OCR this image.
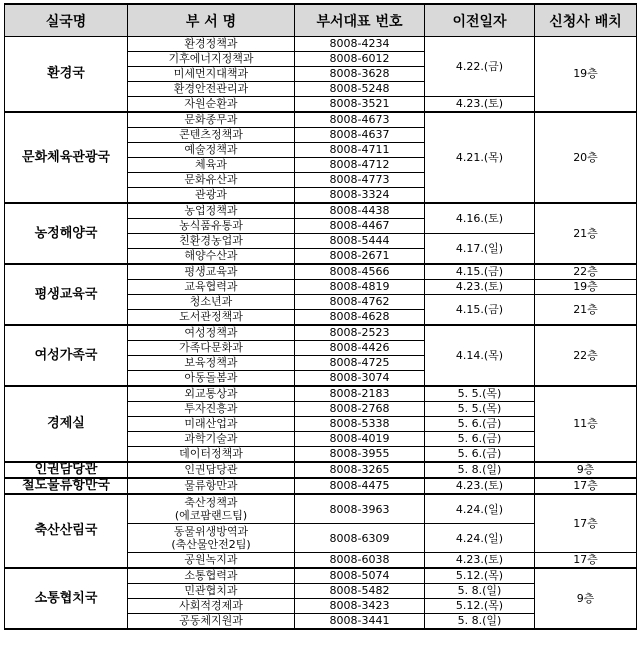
실국명	부 서 명	부서대표 번호	이전일자	신청사 배치
환경국	환경정책과	8008-4234	4.22.(금)	19층
	기후에너지정책과	8008-6012		
	미세먼지대책과	8008-3628		
	환경안전관리과	8008-5248		
	자원순환과	8008-3521	4.23.(토)	
문화체육관광국	문화종무과	8008-4673	4.21.(목)	20층
	콘텐츠정책과	8008-4637		
	예술정책과	8008-4711		
	체육과	8008-4712		
	문화유산과	8008-4773		
	관광과	8008-3324		
농정해양국	농업정책과	8008-4438	4.16.(토)	21층
	농식품유통과	8008-4467		
	친환경농업과	8008-5444	4.17.(일)	
	해양수산과	8008-2671		
평생교육국	평생교육과	8008-4566	4.15.(금)	22층
	교육협력과	8008-4819	4.23.(토)	19층
	청소년과	8008-4762	4.15.(금)	21층
	도서관정책과	8008-4628		
여성가족국	여성정책과	8008-2523	4.14.(목)	22층
	가족다문화과	8008-4426		
	보육정책과	8008-4725		
	아동돌봄과	8008-3074		
경제실	외교통상과	8008-2183	5. 5.(목)	11층
	투자진흥과	8008-2768	5. 5.(목)	
	미래산업과	8008-5338	5. 6.(금)	
	과학기술과	8008-4019	5. 6.(금)	
	데이터정책과	8008-3955	5. 6.(금)	
인권담당관	인권담당관	8008-3265	5. 8.(일)	9층
철도물류항만국	물류항만과	8008-4475	4.23.(토)	17층
축산산림국	축산정책과
(에코팜랜드팀)	8008-3963	4.24.(일)	17층
	동물위생방역과
(축산물안전2팀)	8008-6309	4.24.(일)	
	공원녹지과	8008-6038	4.23.(토)	17층
소통협치국	소통협력과	8008-5074	5.12.(목)	9층
	민관협치과	8008-5482	5. 8.(일)	
	사회적경제과	8008-3423	5.12.(목)	
	공동체지원과	8008-3441	5. 8.(일)	
